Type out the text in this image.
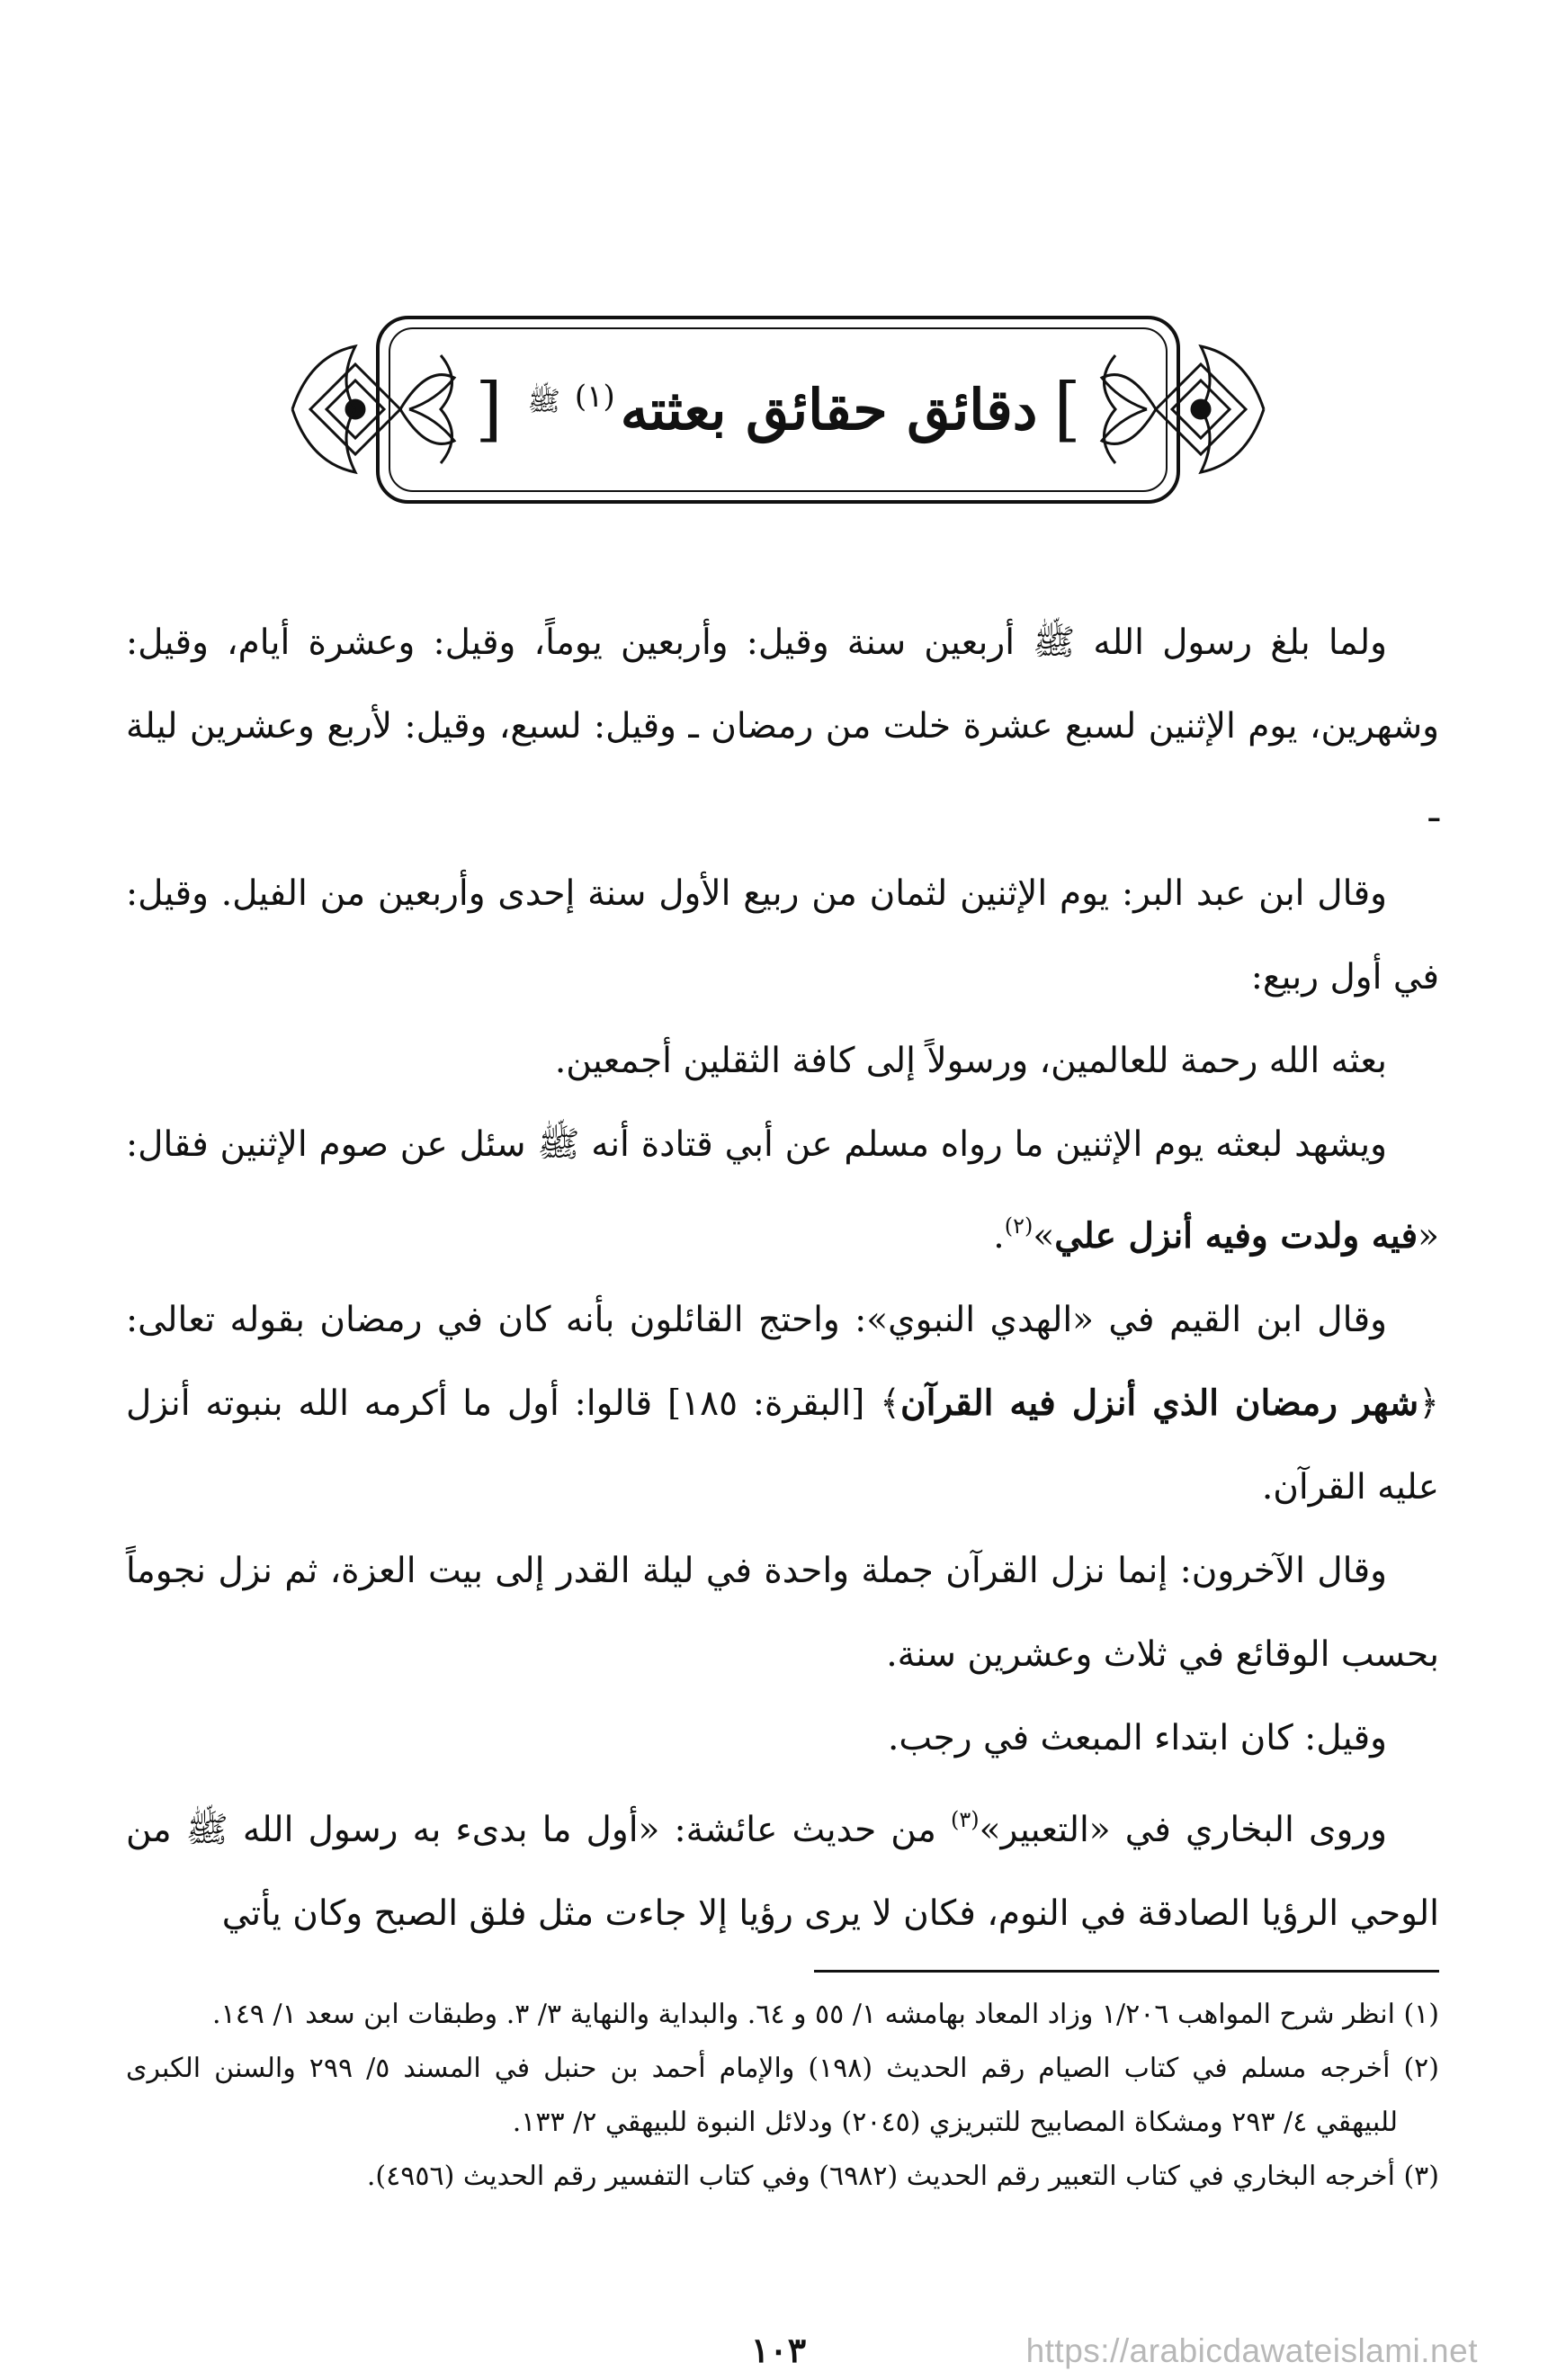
]
دقائق حقائق بعثته
$^{(١)}$
ﷺ
[

ولما بلغ رسول الله ﷺ أربعين سنة وقيل: وأربعين يوماً، وقيل: وعشرة أيام، وقيل: وشهرين، يوم الإثنين لسبع عشرة خلت من رمضان ـ وقيل: لسبع، وقيل: لأربع وعشرين ليلة ـ

وقال ابن عبد البر: يوم الإثنين لثمان من ربيع الأول سنة إحدى وأربعين من الفيل. وقيل: في أول ربيع:

بعثه الله رحمة للعالمين، ورسولاً إلى كافة الثقلين أجمعين.

ويشهد لبعثه يوم الإثنين ما رواه مسلم عن أبي قتادة أنه ﷺ سئل عن صوم الإثنين فقال: «فيه ولدت وفيه أنزل علي»$^{(٢)}$.

وقال ابن القيم في «الهدي النبوي»: واحتج القائلون بأنه كان في رمضان بقوله تعالى: ﴿شهر رمضان الذي أنزل فيه القرآن﴾ [البقرة: ١٨٥] قالوا: أول ما أكرمه الله بنبوته أنزل عليه القرآن.

وقال الآخرون: إنما نزل القرآن جملة واحدة في ليلة القدر إلى بيت العزة، ثم نزل نجوماً بحسب الوقائع في ثلاث وعشرين سنة.

وقيل: كان ابتداء المبعث في رجب.

وروى البخاري في «التعبير»$^{(٣)}$ من حديث عائشة: «أول ما بدىء به رسول الله ﷺ من الوحي الرؤيا الصادقة في النوم، فكان لا يرى رؤيا إلا جاءت مثل فلق الصبح وكان يأتي

(١) انظر شرح المواهب ١/٢٠٦ وزاد المعاد بهامشه ١/ ٥٥ و ٦٤. والبداية والنهاية ٣/ ٣. وطبقات ابن سعد ١/ ١٤٩.

(٢) أخرجه مسلم في كتاب الصيام رقم الحديث (١٩٨) والإمام أحمد بن حنبل في المسند ٥/ ٢٩٩ والسنن الكبرى للبيهقي ٤/ ٢٩٣ ومشكاة المصابيح للتبريزي (٢٠٤٥) ودلائل النبوة للبيهقي ٢/ ١٣٣.

(٣) أخرجه البخاري في كتاب التعبير رقم الحديث (٦٩٨٢) وفي كتاب التفسير رقم الحديث (٤٩٥٦).

١٠٣	https://arabicdawateislami.net
